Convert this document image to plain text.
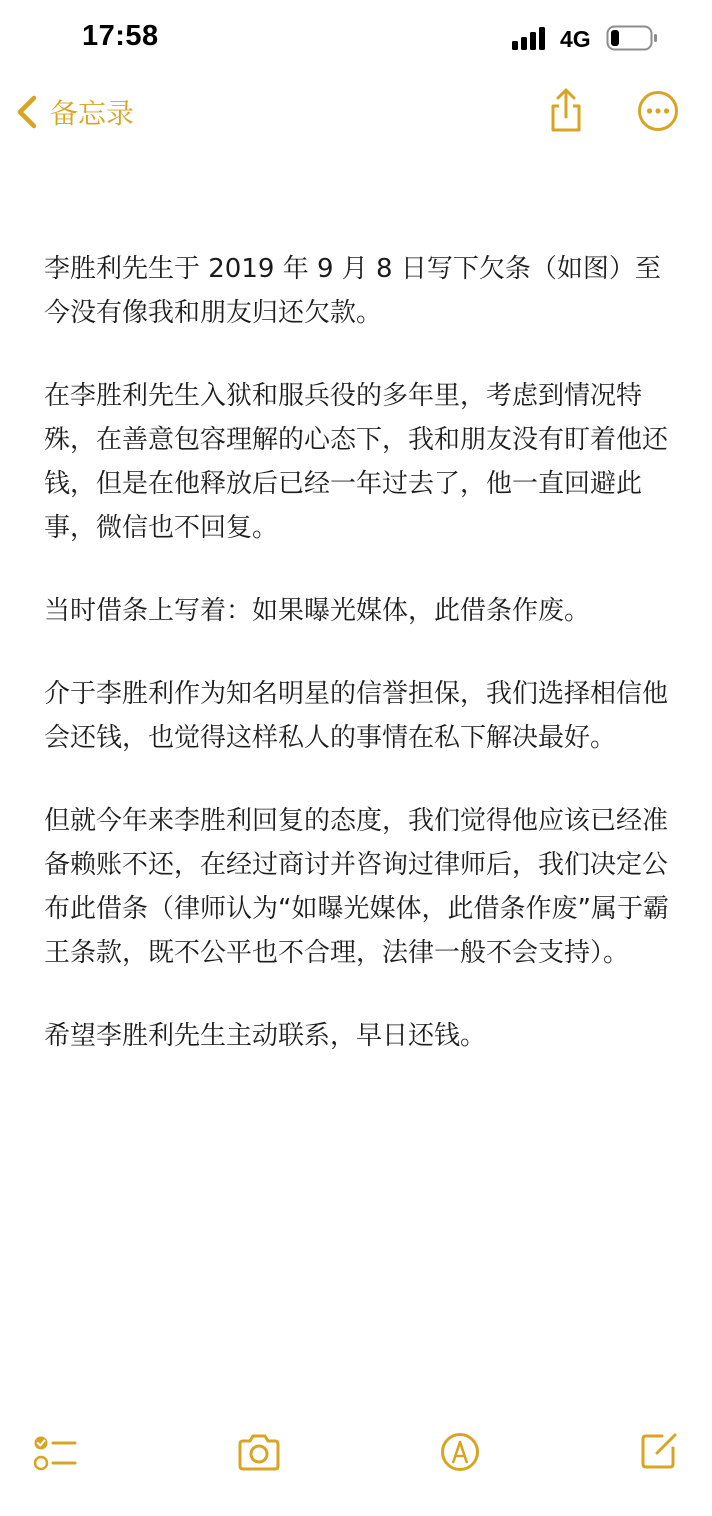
17:58	4G
备忘录

李胜利先生于 2019 年 9 月 8 日写下欠条（如图）至今没有像我和朋友归还欠款。

在李胜利先生入狱和服兵役的多年里，考虑到情况特殊，在善意包容理解的心态下，我和朋友没有盯着他还钱，但是在他释放后已经一年过去了，他一直回避此事，微信也不回复。

当时借条上写着：如果曝光媒体，此借条作废。

介于李胜利作为知名明星的信誉担保，我们选择相信他会还钱，也觉得这样私人的事情在私下解决最好。

但就今年来李胜利回复的态度，我们觉得他应该已经准备赖账不还，在经过商讨并咨询过律师后，我们决定公布此借条（律师认为“如曝光媒体，此借条作废”属于霸王条款，既不公平也不合理，法律一般不会支持）。

希望李胜利先生主动联系，早日还钱。
